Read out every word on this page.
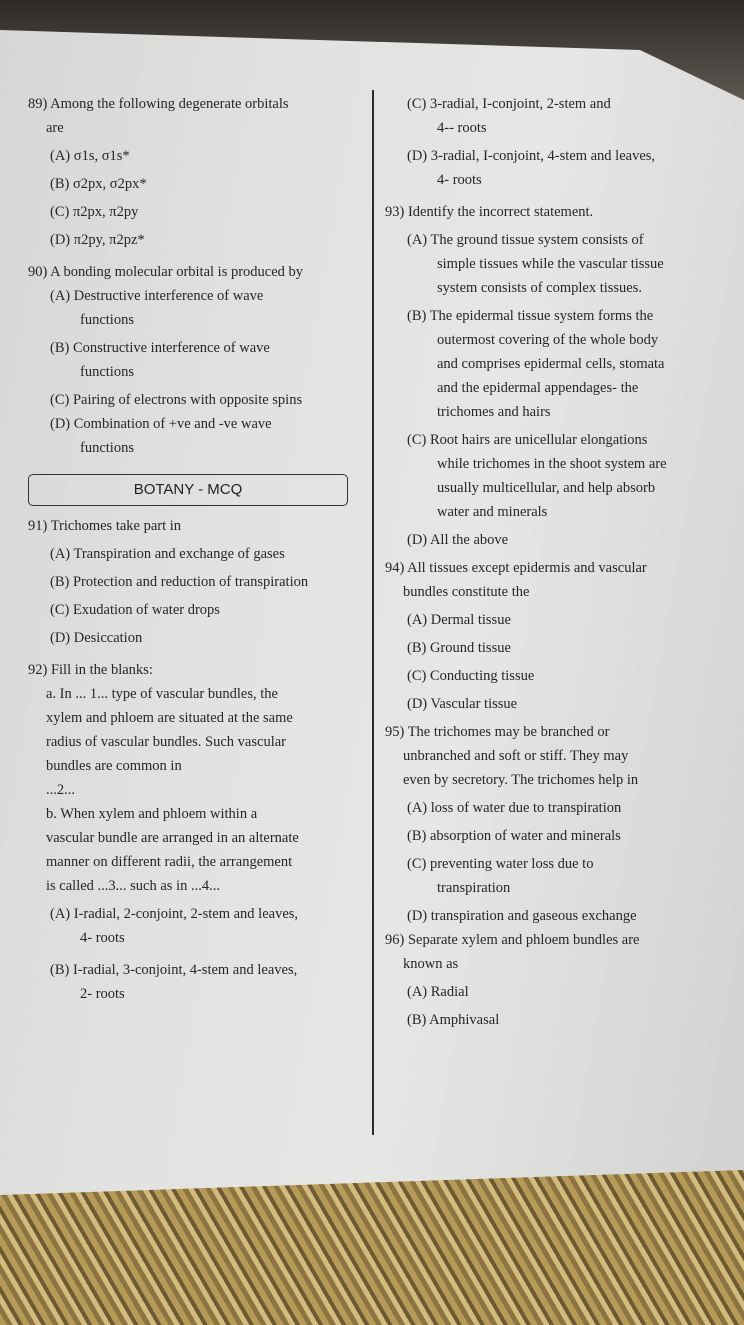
89) Among the following degenerate orbitals
are
(A) σ1s, σ1s*
(B) σ2px, σ2px*
(C) π2px, π2py
(D) π2py, π2pz*
90) A bonding molecular orbital is produced by
(A) Destructive interference of wave
functions
(B) Constructive interference of wave
functions
(C) Pairing of electrons with opposite spins
(D) Combination of +ve and -ve wave
functions
BOTANY - MCQ
91) Trichomes take part in
(A) Transpiration and exchange of gases
(B) Protection and reduction of transpiration
(C) Exudation of water drops
(D) Desiccation
92) Fill in the blanks:
a. In ... 1... type of vascular bundles, the
xylem and phloem are situated at the same
radius of vascular bundles. Such vascular
bundles are common in
...2...
b. When xylem and phloem within a
vascular bundle are arranged in an alternate
manner on different radii, the arrangement
is called ...3... such as in ...4...
(A) I-radial, 2-conjoint, 2-stem and leaves,
4- roots
(B) I-radial, 3-conjoint, 4-stem and leaves,
2- roots
(C) 3-radial, I-conjoint, 2-stem and
4-- roots
(D) 3-radial, I-conjoint, 4-stem and leaves,
4- roots
93) Identify the incorrect statement.
(A) The ground tissue system consists of
simple tissues while the vascular tissue
system consists of complex tissues.
(B) The epidermal tissue system forms the
outermost covering of the whole body
and comprises epidermal cells, stomata
and the epidermal appendages- the
trichomes and hairs
(C) Root hairs are unicellular elongations
while trichomes in the shoot system are
usually multicellular, and help absorb
water and minerals
(D) All the above
94) All tissues except epidermis and vascular
bundles constitute the
(A) Dermal tissue
(B) Ground tissue
(C) Conducting tissue
(D) Vascular tissue
95) The trichomes may be branched or
unbranched and soft or stiff. They may
even by secretory. The trichomes help in
(A) loss of water due to transpiration
(B) absorption of water and minerals
(C) preventing water loss due to
transpiration
(D) transpiration and gaseous exchange
96) Separate xylem and phloem bundles are
known as
(A) Radial
(B) Amphivasal
